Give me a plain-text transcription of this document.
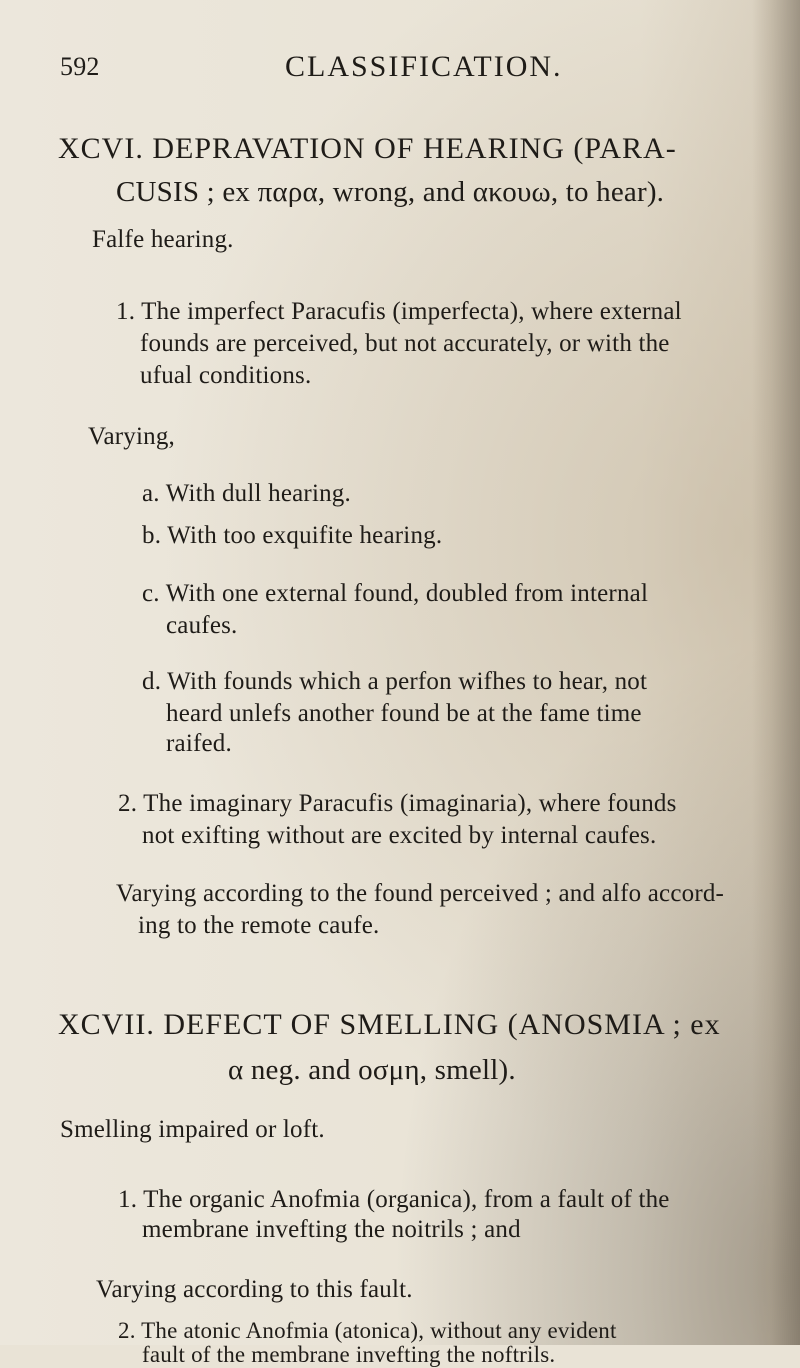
592	CLASSIFICATION.
XCVI. DEPRAVATION OF HEARING (PARA-
CUSIS ; ex παρα, wrong, and ακουω, to hear).
Falfe hearing.
1. The imperfect Paracufis (imperfecta), where external
founds are perceived, but not accurately, or with the
ufual conditions.
Varying,
a. With dull hearing.
b. With too exquifite hearing.
c. With one external found, doubled from internal
caufes.
d. With founds which a perfon wifhes to hear, not
heard unlefs another found be at the fame time
raifed.
2. The imaginary Paracufis (imaginaria), where founds
not exifting without are excited by internal caufes.
Varying according to the found perceived ; and alfo accord-
ing to the remote caufe.
XCVII. DEFECT OF SMELLING (ANOSMIA ; ex
α neg. and οσμη, smell).
Smelling impaired or loft.
1. The organic Anofmia (organica), from a fault of the
membrane invefting the noitrils ; and
Varying according to this fault.
2. The atonic Anofmia (atonica), without any evident
fault of the membrane invefting the noftrils.
